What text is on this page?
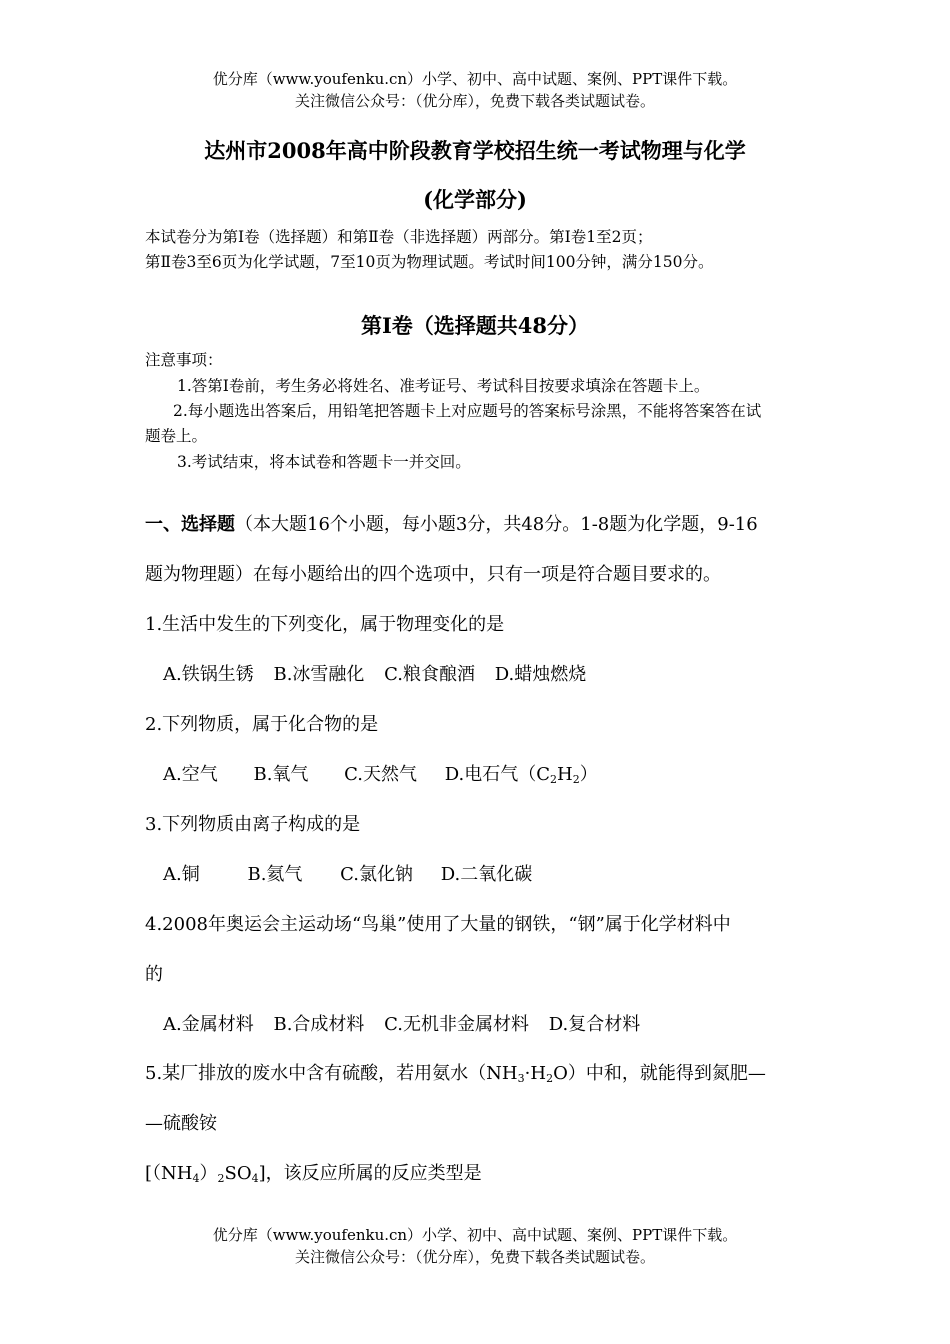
优分库（www.youfenku.cn）小学、初中、高中试题、案例、PPT课件下载。
关注微信公众号：（优分库），免费下载各类试题试卷。
达州市2008年高中阶段教育学校招生统一考试物理与化学
(化学部分)
本试卷分为第Ⅰ卷（选择题）和第Ⅱ卷（非选择题）两部分。第Ⅰ卷1至2页；
第Ⅱ卷3至6页为化学试题，7至10页为物理试题。考试时间100分钟，满分150分。
第Ⅰ卷（选择题共48分）
注意事项：
1.答第Ⅰ卷前，考生务必将姓名、准考证号、考试科目按要求填涂在答题卡上。
2.每小题选出答案后，用铅笔把答题卡上对应题号的答案标号涂黑，不能将答案答在试
题卷上。
3.考试结束，将本试卷和答题卡一并交回。
一、选择题（本大题16个小题，每小题3分，共48分。1-8题为化学题，9-16
题为物理题）在每小题给出的四个选项中，只有一项是符合题目要求的。
1.生活中发生的下列变化，属于物理变化的是
A.铁锅生锈 B.冰雪融化 C.粮食酿酒 D.蜡烛燃烧
2.下列物质，属于化合物的是
A.空气 B.氧气 C.天然气 D.电石气$(C_2H_2)$
3.下列物质由离子构成的是
A.铜	B.氦气 C.氯化钠 D.二氧化碳
4.2008年奥运会主运动场“鸟巢”使用了大量的钢铁，“钢”属于化学材料中
的
A.金属材料 B.合成材料 C.无机非金属材料 D.复合材料
5.某厂排放的废水中含有硫酸，若用氨水$(NH_3\cdot H_2O)$中和，就能得到氮肥—
—硫酸铵
$[(NH_4)_2SO_4]$，该反应所属的反应类型是
优分库（www.youfenku.cn）小学、初中、高中试题、案例、PPT课件下载。
关注微信公众号：（优分库），免费下载各类试题试卷。
